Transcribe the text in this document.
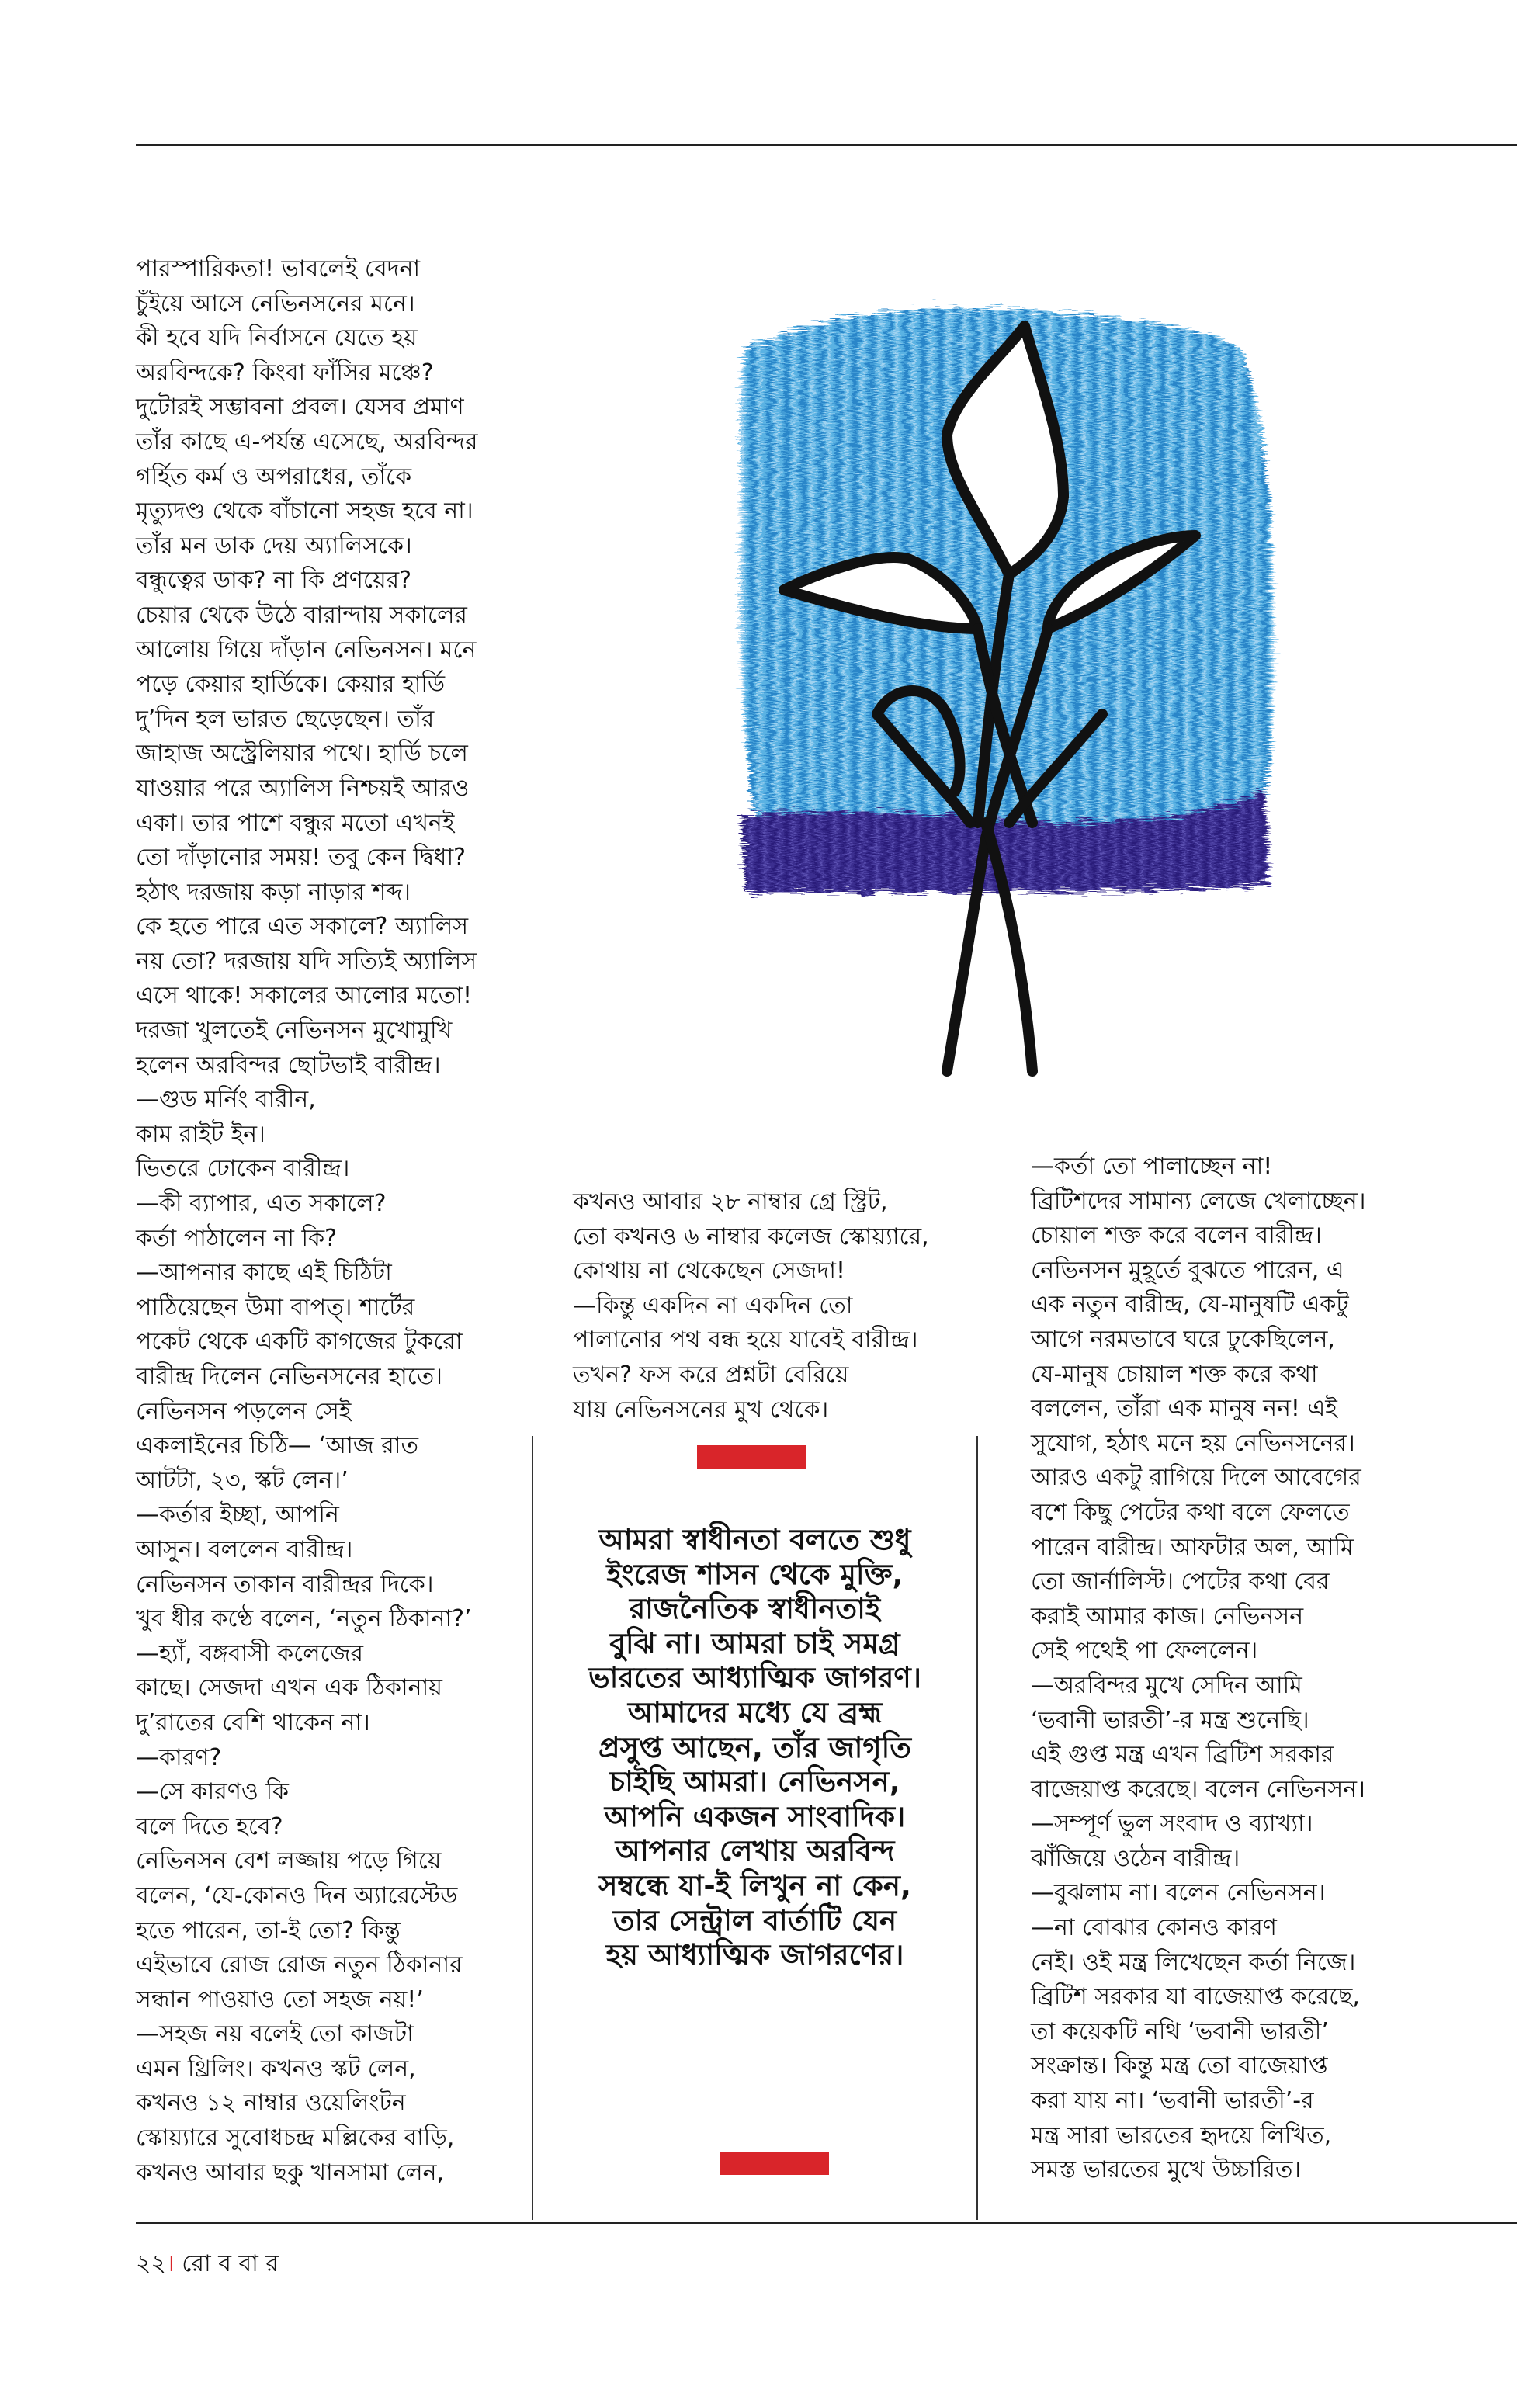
পারস্পারিকতা! ভাবলেই বেদনা

চুঁইয়ে আসে নেভিনসনের মনে।

কী হবে যদি নির্বাসনে যেতে হয়

অরবিন্দকে? কিংবা ফাঁসির মঞ্চে?

দুটোরই সম্ভাবনা প্রবল। যেসব প্রমাণ

তাঁর কাছে এ-পর্যন্ত এসেছে, অরবিন্দর

গর্হিত কর্ম ও অপরাধের, তাঁকে

মৃত্যুদণ্ড থেকে বাঁচানো সহজ হবে না।

তাঁর মন ডাক দেয় অ্যালিসকে।

বন্ধুত্বের ডাক? না কি প্রণয়ের?

চেয়ার থেকে উঠে বারান্দায় সকালের

আলোয় গিয়ে দাঁড়ান নেভিনসন। মনে

পড়ে কেয়ার হার্ডিকে। কেয়ার হার্ডি

দু’দিন হল ভারত ছেড়েছেন। তাঁর

জাহাজ অস্ট্রেলিয়ার পথে। হার্ডি চলে

যাওয়ার পরে অ্যালিস নিশ্চয়ই আরও

একা। তার পাশে বন্ধুর মতো এখনই

তো দাঁড়ানোর সময়! তবু কেন দ্বিধা?

হঠাৎ দরজায় কড়া নাড়ার শব্দ।

কে হতে পারে এত সকালে? অ্যালিস

নয় তো? দরজায় যদি সত্যিই অ্যালিস

এসে থাকে! সকালের আলোর মতো!

দরজা খুলতেই নেভিনসন মুখোমুখি

হলেন অরবিন্দর ছোটভাই বারীন্দ্র।

—গুড মর্নিং বারীন,

কাম রাইট ইন।

ভিতরে ঢোকেন বারীন্দ্র।

—কী ব্যাপার, এত সকালে?

কর্তা পাঠালেন না কি?

—আপনার কাছে এই চিঠিটা

পাঠিয়েছেন উমা বাপত্। শার্টের

পকেট থেকে একটি কাগজের টুকরো

বারীন্দ্র দিলেন নেভিনসনের হাতে।

নেভিনসন পড়লেন সেই

একলাইনের চিঠি— ‘আজ রাত

আটটা, ২৩, স্কট লেন।’

—কর্তার ইচ্ছা, আপনি

আসুন। বললেন বারীন্দ্র।

নেভিনসন তাকান বারীন্দ্রর দিকে।

খুব ধীর কণ্ঠে বলেন, ‘নতুন ঠিকানা?’

—হ্যাঁ, বঙ্গবাসী কলেজের

কাছে। সেজদা এখন এক ঠিকানায়

দু’রাতের বেশি থাকেন না।

—কারণ?

—সে কারণও কি

বলে দিতে হবে?

নেভিনসন বেশ লজ্জায় পড়ে গিয়ে

বলেন, ‘যে-কোনও দিন অ্যারেস্টেড

হতে পারেন, তা-ই তো? কিন্তু

এইভাবে রোজ রোজ নতুন ঠিকানার

সন্ধান পাওয়াও তো সহজ নয়!’

—সহজ নয় বলেই তো কাজটা

এমন থ্রিলিং। কখনও স্কট লেন,

কখনও ১২ নাম্বার ওয়েলিংটন

স্কোয়্যারে সুবোধচন্দ্র মল্লিকের বাড়ি,

কখনও আবার ছকু খানসামা লেন,

কখনও আবার ২৮ নাম্বার গ্রে স্ট্রিট,

তো কখনও ৬ নাম্বার কলেজ স্কোয়্যারে,

কোথায় না থেকেছেন সেজদা!

—কিন্তু একদিন না একদিন তো

পালানোর পথ বন্ধ হয়ে যাবেই বারীন্দ্র।

তখন? ফস করে প্রশ্নটা বেরিয়ে

যায় নেভিনসনের মুখ থেকে।

আমরা স্বাধীনতা বলতে শুধু

ইংরেজ শাসন থেকে মুক্তি,

রাজনৈতিক স্বাধীনতাই

বুঝি না। আমরা চাই সমগ্র

ভারতের আধ্যাত্মিক জাগরণ।

আমাদের মধ্যে যে ব্রহ্ম

প্রসুপ্ত আছেন, তাঁর জাগৃতি

চাইছি আমরা। নেভিনসন,

আপনি একজন সাংবাদিক।

আপনার লেখায় অরবিন্দ

সম্বন্ধে যা-ই লিখুন না কেন,

তার সেন্ট্রাল বার্তাটি যেন

হয় আধ্যাত্মিক জাগরণের।

—কর্তা তো পালাচ্ছেন না!

ব্রিটিশদের সামান্য লেজে খেলাচ্ছেন।

চোয়াল শক্ত করে বলেন বারীন্দ্র।

নেভিনসন মুহূর্তে বুঝতে পারেন, এ

এক নতুন বারীন্দ্র, যে-মানুষটি একটু

আগে নরমভাবে ঘরে ঢুকেছিলেন,

যে-মানুষ চোয়াল শক্ত করে কথা

বললেন, তাঁরা এক মানুষ নন! এই

সুযোগ, হঠাৎ মনে হয় নেভিনসনের।

আরও একটু রাগিয়ে দিলে আবেগের

বশে কিছু পেটের কথা বলে ফেলতে

পারেন বারীন্দ্র। আফটার অল, আমি

তো জার্নালিস্ট। পেটের কথা বের

করাই আমার কাজ। নেভিনসন

সেই পথেই পা ফেললেন।

—অরবিন্দর মুখে সেদিন আমি

‘ভবানী ভারতী’-র মন্ত্র শুনেছি।

এই গুপ্ত মন্ত্র এখন ব্রিটিশ সরকার

বাজেয়াপ্ত করেছে। বলেন নেভিনসন।

—সম্পূর্ণ ভুল সংবাদ ও ব্যাখ্যা।

ঝাঁজিয়ে ওঠেন বারীন্দ্র।

—বুঝলাম না। বলেন নেভিনসন।

—না বোঝার কোনও কারণ

নেই। ওই মন্ত্র লিখেছেন কর্তা নিজে।

ব্রিটিশ সরকার যা বাজেয়াপ্ত করেছে,

তা কয়েকটি নথি ‘ভবানী ভারতী’

সংক্রান্ত। কিন্তু মন্ত্র তো বাজেয়াপ্ত

করা যায় না। ‘ভবানী ভারতী’-র

মন্ত্র সারা ভারতের হৃদয়ে লিখিত,

সমস্ত ভারতের মুখে উচ্চারিত।

২২। রো ব বা র
